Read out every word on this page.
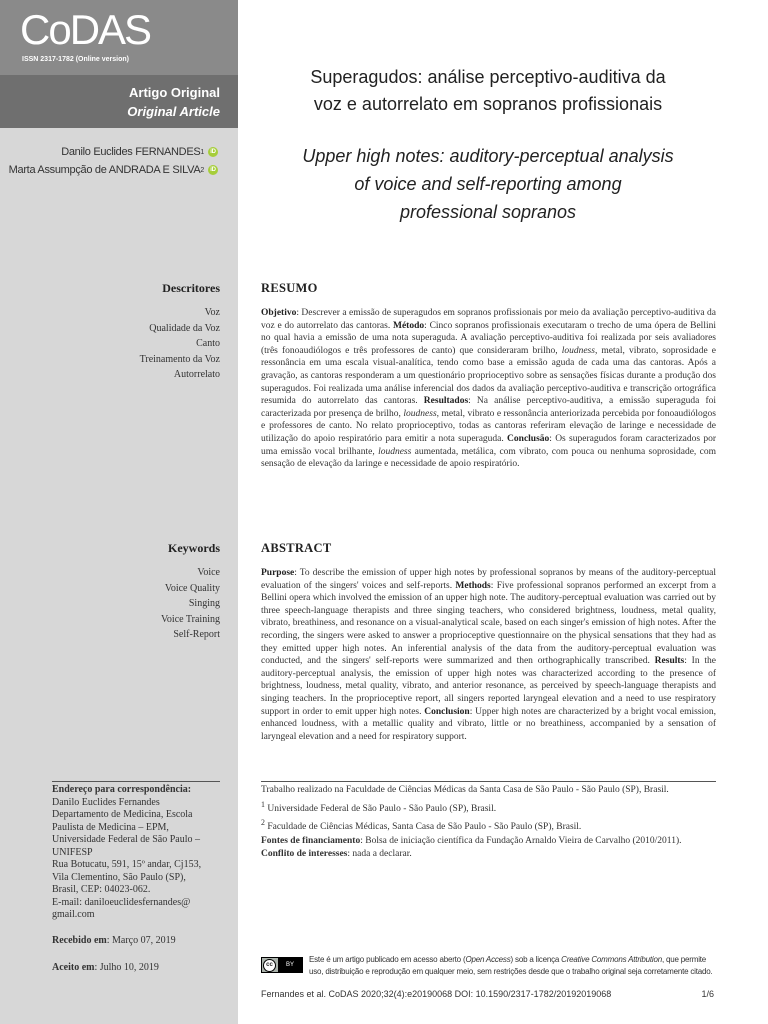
CoDAS
ISSN 2317-1782 (Online version)
Artigo Original
Original Article
Danilo Euclides FERNANDES 1	iD
Marta Assumpção de ANDRADA E SILVA 2	iD
Descritores
Voz
Qualidade da Voz
Canto
Treinamento da Voz
Autorrelato
Keywords
Voice
Voice Quality
Singing
Voice Training
Self-Report
Endereço para correspondência:
Danilo Euclides Fernandes
Departamento de Medicina, Escola
Paulista de Medicina – EPM,
Universidade Federal de São Paulo –
UNIFESP
Rua Botucatu, 591, 15º andar, Cj153,
Vila Clementino, São Paulo (SP),
Brasil, CEP: 04023-062.
E-mail: daniloeuclidesfernandes@
gmail.com
Recebido em: Março 07, 2019
Aceito em: Julho 10, 2019
Superagudos: análise perceptivo-auditiva da
voz e autorrelato em sopranos profissionais
Upper high notes: auditory-perceptual analysis
of voice and self-reporting among
professional sopranos
RESUMO
Objetivo: Descrever a emissão de superagudos em sopranos profissionais por meio da avaliação perceptivo-auditiva da voz e do autorrelato das cantoras. Método: Cinco sopranos profissionais executaram o trecho de uma ópera de Bellini no qual havia a emissão de uma nota superaguda. A avaliação perceptivo-auditiva foi realizada por seis avaliadores (três fonoaudiólogos e três professores de canto) que consideraram brilho, loudness, metal, vibrato, soprosidade e ressonância em uma escala visual-analítica, tendo como base a emissão aguda de cada uma das cantoras. Após a gravação, as cantoras responderam a um questionário proprioceptivo sobre as sensações físicas durante a produção dos superagudos. Foi realizada uma análise inferencial dos dados da avaliação perceptivo-auditiva e transcrição ortográfica resumida do autorrelato das cantoras. Resultados: Na análise perceptivo-auditiva, a emissão superaguda foi caracterizada por presença de brilho, loudness, metal, vibrato e ressonância anteriorizada percebida por fonoaudiólogos e professores de canto. No relato proprioceptivo, todas as cantoras referiram elevação de laringe e necessidade de utilização do apoio respiratório para emitir a nota superaguda. Conclusão: Os superagudos foram caracterizados por uma emissão vocal brilhante, loudness aumentada, metálica, com vibrato, com pouca ou nenhuma soprosidade, com sensação de elevação da laringe e necessidade de apoio respiratório.
ABSTRACT
Purpose: To describe the emission of upper high notes by professional sopranos by means of the auditory-perceptual evaluation of the singers' voices and self-reports. Methods: Five professional sopranos performed an excerpt from a Bellini opera which involved the emission of an upper high note. The auditory-perceptual evaluation was carried out by three speech-language therapists and three singing teachers, who considered brightness, loudness, metal quality, vibrato, breathiness, and resonance on a visual-analytical scale, based on each singer's emission of high notes. After the recording, the singers were asked to answer a proprioceptive questionnaire on the physical sensations that they had as they emitted upper high notes. An inferential analysis of the data from the auditory-perceptual evaluation was conducted, and the singers' self-reports were summarized and then orthographically transcribed. Results: In the auditory-perceptual analysis, the emission of upper high notes was characterized according to the presence of brightness, loudness, metal quality, vibrato, and anterior resonance, as perceived by speech-language therapists and singing teachers. In the proprioceptive report, all singers reported laryngeal elevation and a need to use respiratory support in order to emit upper high notes. Conclusion: Upper high notes are characterized by a bright vocal emission, enhanced loudness, with a metallic quality and vibrato, little or no breathiness, accompanied by a sensation of laryngeal elevation and a need for respiratory support.
Trabalho realizado na Faculdade de Ciências Médicas da Santa Casa de São Paulo - São Paulo (SP), Brasil.
$^1$ Universidade Federal de São Paulo - São Paulo (SP), Brasil.
$^2$ Faculdade de Ciências Médicas, Santa Casa de São Paulo - São Paulo (SP), Brasil.
Fontes de financiamento: Bolsa de iniciação científica da Fundação Arnaldo Vieira de Carvalho (2010/2011).
Conflito de interesses: nada a declarar.
cc	BY
Este é um artigo publicado em acesso aberto (Open Access) sob a licença Creative Commons Attribution, que permite uso, distribuição e reprodução em qualquer meio, sem restrições desde que o trabalho original seja corretamente citado.
Fernandes et al. CoDAS 2020;32(4):e20190068 DOI: 10.1590/2317-1782/20192019068	1/6
